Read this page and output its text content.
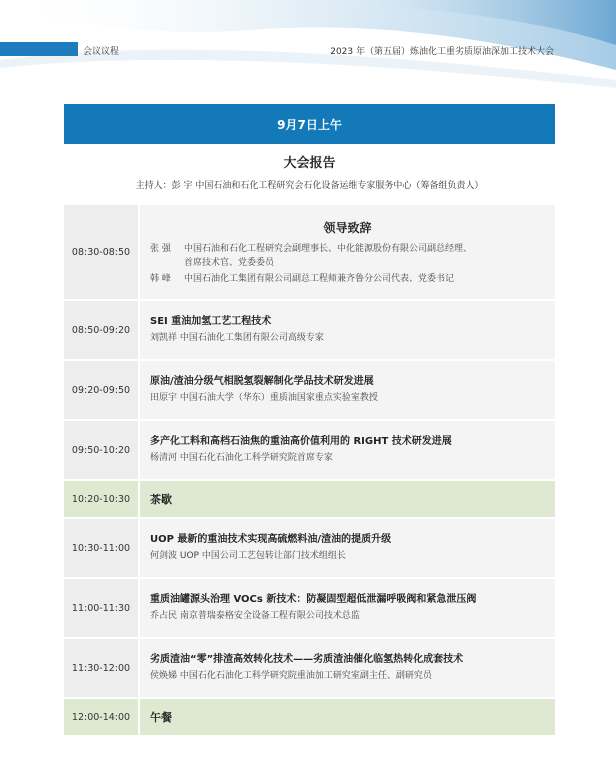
会议议程	2023 年（第五届）炼油化工重劣质原油深加工技术大会
9月7日上午
大会报告
主持人：彭 宇 中国石油和石化工程研究会石化设备运维专家服务中心（筹备组负责人）
08:30-08:50
领导致辞
张 强	中国石油和石化工程研究会副理事长、中化能源股份有限公司副总经理、
首席技术官、党委委员
韩 峰	中国石油化工集团有限公司副总工程师兼齐鲁分公司代表、党委书记
08:50-09:20
SEI 重油加氢工艺工程技术
刘凯祥 中国石油化工集团有限公司高级专家
09:20-09:50
原油/渣油分级气相脱氢裂解制化学品技术研发进展
田原宇 中国石油大学（华东）重质油国家重点实验室教授
09:50-10:20
多产化工料和高档石油焦的重油高价值利用的 RIGHT 技术研发进展
杨清河 中国石化石油化工科学研究院首席专家
10:20-10:30	茶歇
10:30-11:00
UOP 最新的重油技术实现高硫燃料油/渣油的提质升级
何剑波 UOP 中国公司工艺包转让部门技术组组长
11:00-11:30
重质油罐源头治理 VOCs 新技术：防凝固型超低泄漏呼吸阀和紧急泄压阀
乔占民 南京普瑞泰格安全设备工程有限公司技术总监
11:30-12:00
劣质渣油“零”排渣高效转化技术——劣质渣油催化临氢热转化成套技术
侯焕娣 中国石化石油化工科学研究院重油加工研究室副主任、副研究员
12:00-14:00	午餐
